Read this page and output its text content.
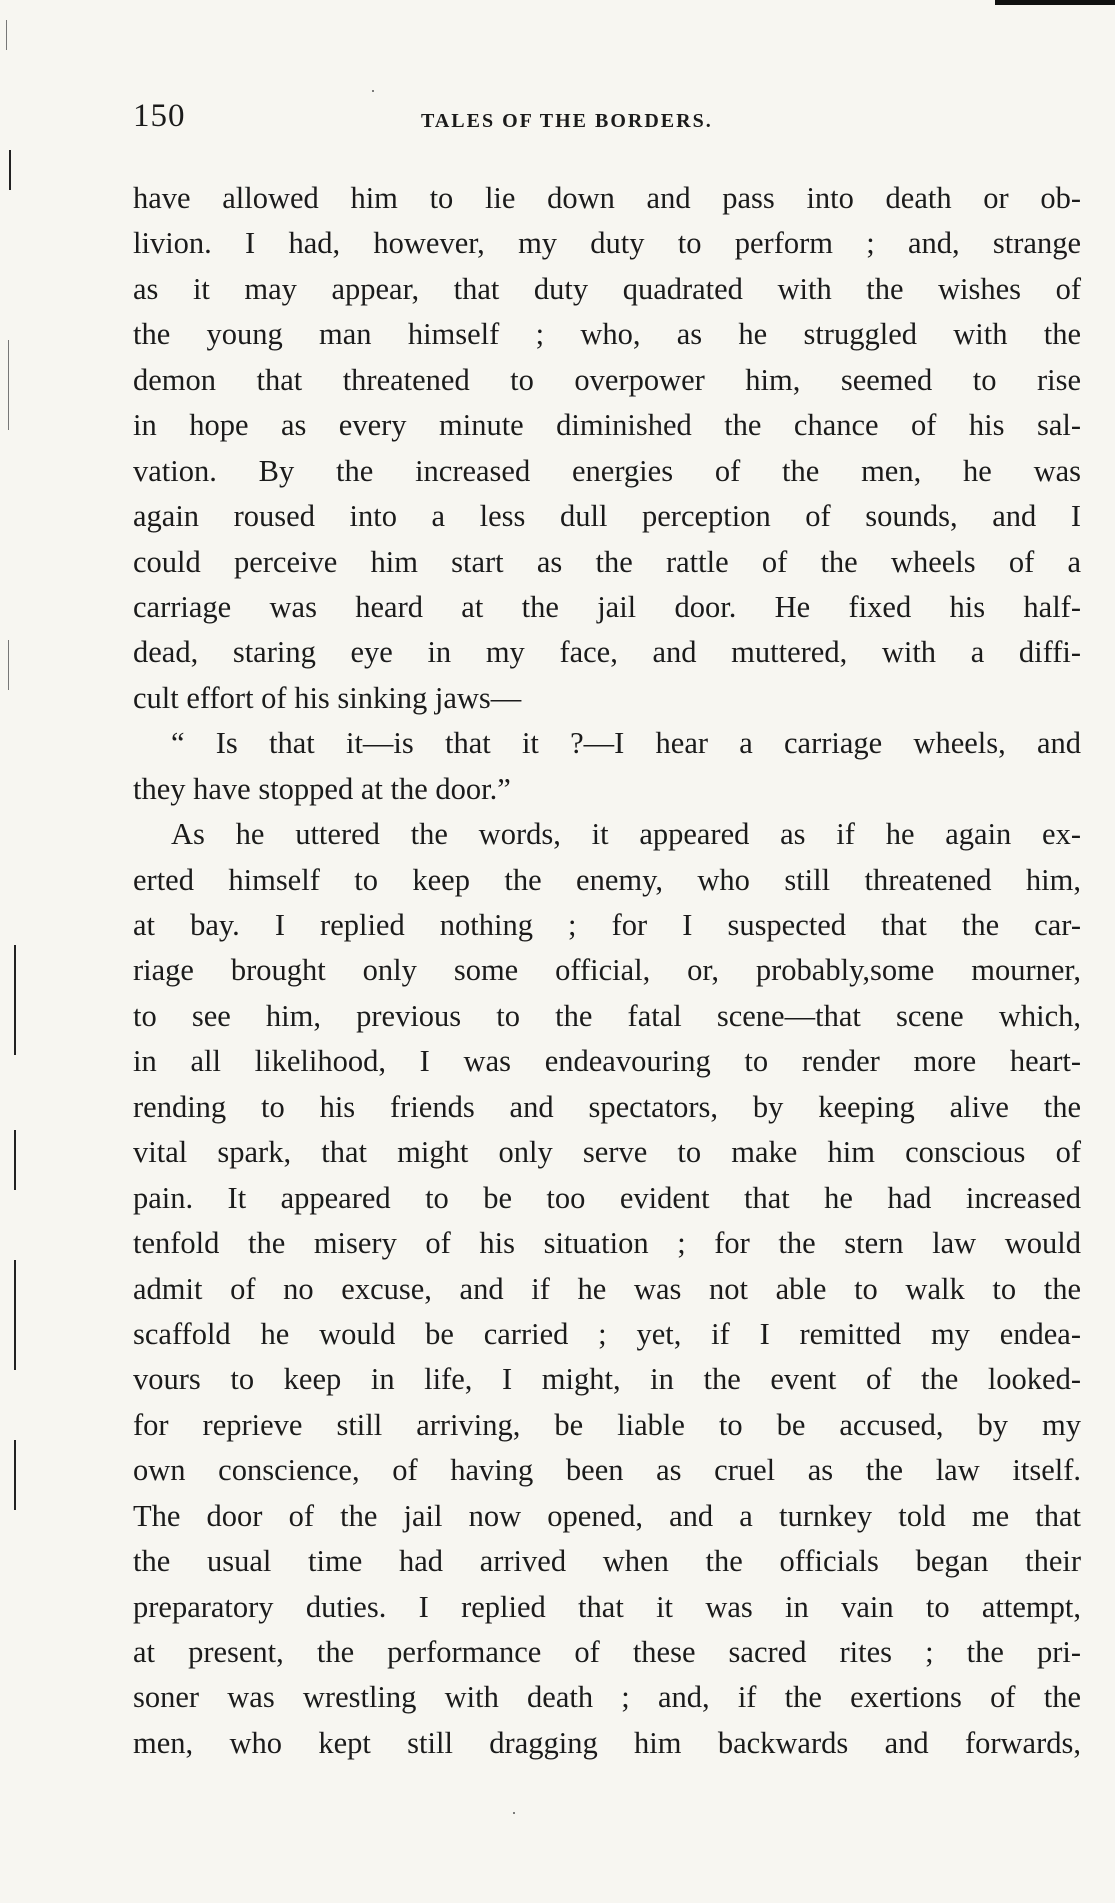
150	TALES OF THE BORDERS.
have allowed him to lie down and pass into death or ob-
livion. I had, however, my duty to perform ; and, strange
as it may appear, that duty quadrated with the wishes of
the young man himself ; who, as he struggled with the
demon that threatened to overpower him, seemed to rise
in hope as every minute diminished the chance of his sal-
vation. By the increased energies of the men, he was
again roused into a less dull perception of sounds, and I
could perceive him start as the rattle of the wheels of a
carriage was heard at the jail door. He fixed his half-
dead, staring eye in my face, and muttered, with a diffi-
cult effort of his sinking jaws—
“ Is that it—is that it ?—I hear a carriage wheels, and
they have stopped at the door.”
As he uttered the words, it appeared as if he again ex-
erted himself to keep the enemy, who still threatened him,
at bay. I replied nothing ; for I suspected that the car-
riage brought only some official, or, probably,some mourner,
to see him, previous to the fatal scene—that scene which,
in all likelihood, I was endeavouring to render more heart-
rending to his friends and spectators, by keeping alive the
vital spark, that might only serve to make him conscious of
pain. It appeared to be too evident that he had increased
tenfold the misery of his situation ; for the stern law would
admit of no excuse, and if he was not able to walk to the
scaffold he would be carried ; yet, if I remitted my endea-
vours to keep in life, I might, in the event of the looked-
for reprieve still arriving, be liable to be accused, by my
own conscience, of having been as cruel as the law itself.
The door of the jail now opened, and a turnkey told me that
the usual time had arrived when the officials began their
preparatory duties. I replied that it was in vain to attempt,
at present, the performance of these sacred rites ; the pri-
soner was wrestling with death ; and, if the exertions of the
men, who kept still dragging him backwards and forwards,
